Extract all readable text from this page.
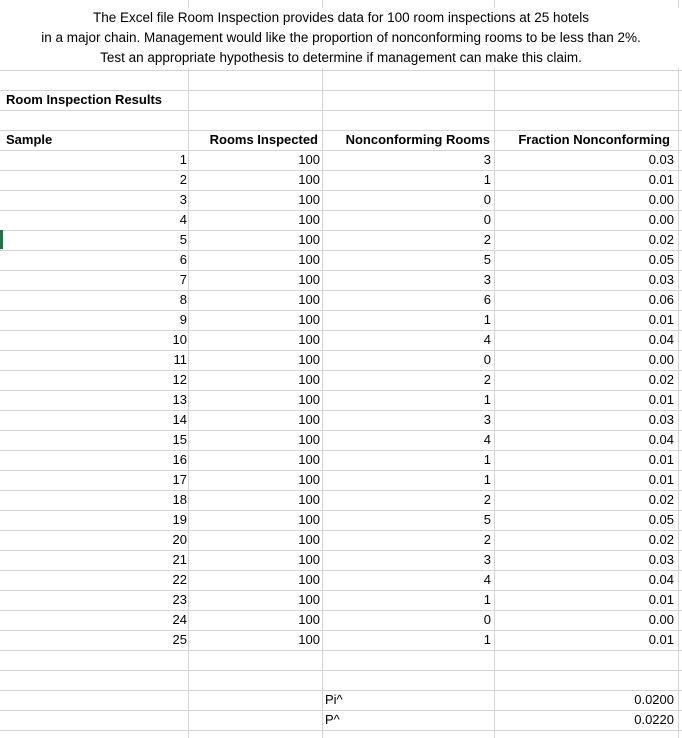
The Excel file Room Inspection provides data for 100 room inspections at 25 hotels
in a major chain. Management would like the proportion of nonconforming rooms to be less than 2%.
Test an appropriate hypothesis to determine if management can make this claim.
Room Inspection Results
Sample	Rooms Inspected	Nonconforming Rooms	Fraction Nonconforming
1	100	3	0.03
2	100	1	0.01
3	100	0	0.00
4	100	0	0.00
5	100	2	0.02
6	100	5	0.05
7	100	3	0.03
8	100	6	0.06
9	100	1	0.01
10	100	4	0.04
11	100	0	0.00
12	100	2	0.02
13	100	1	0.01
14	100	3	0.03
15	100	4	0.04
16	100	1	0.01
17	100	1	0.01
18	100	2	0.02
19	100	5	0.05
20	100	2	0.02
21	100	3	0.03
22	100	4	0.04
23	100	1	0.01
24	100	0	0.00
25	100	1	0.01
Pi^	0.0200
P^	0.0220
